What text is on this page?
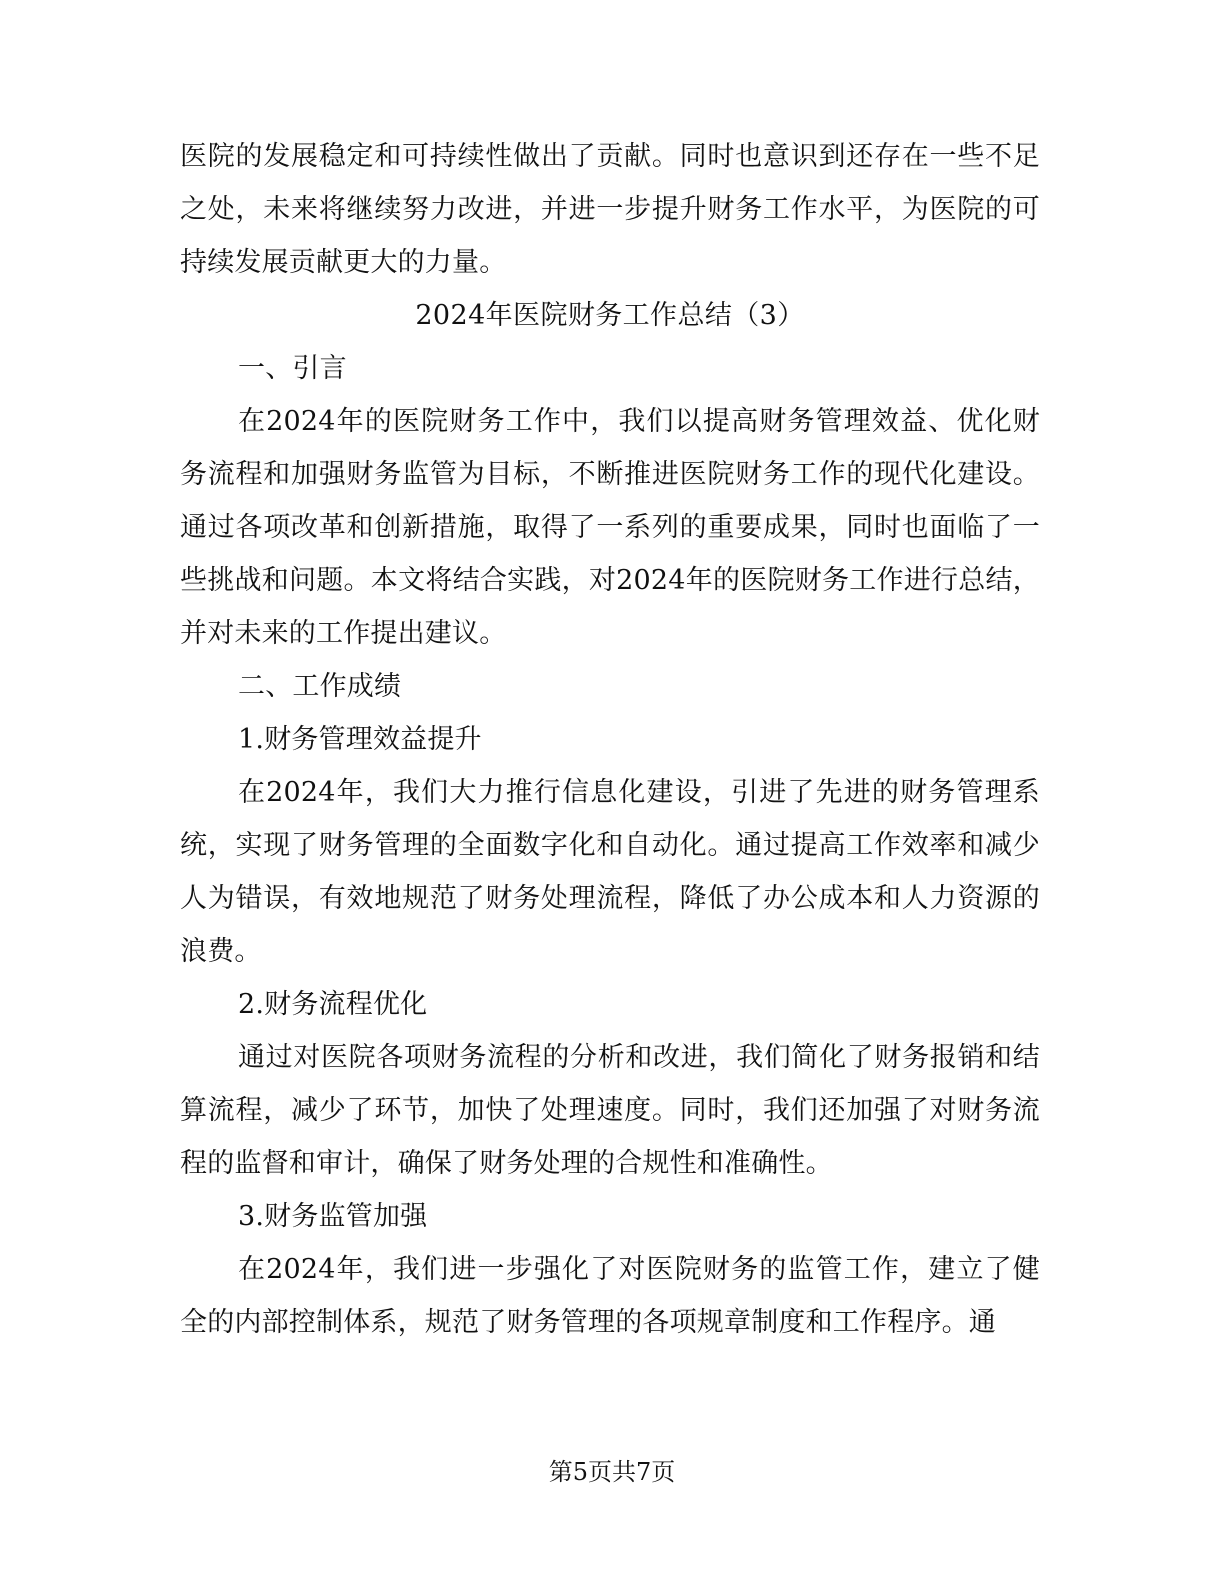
医院的发展稳定和可持续性做出了贡献。同时也意识到还存在一些不足之处，未来将继续努力改进，并进一步提升财务工作水平，为医院的可持续发展贡献更大的力量。

2024年医院财务工作总结（3）

一、引言

在2024年的医院财务工作中，我们以提高财务管理效益、优化财务流程和加强财务监管为目标，不断推进医院财务工作的现代化建设。通过各项改革和创新措施，取得了一系列的重要成果，同时也面临了一些挑战和问题。本文将结合实践，对2024年的医院财务工作进行总结，并对未来的工作提出建议。

二、工作成绩

1.财务管理效益提升

在2024年，我们大力推行信息化建设，引进了先进的财务管理系统，实现了财务管理的全面数字化和自动化。通过提高工作效率和减少人为错误，有效地规范了财务处理流程，降低了办公成本和人力资源的浪费。

2.财务流程优化

通过对医院各项财务流程的分析和改进，我们简化了财务报销和结算流程，减少了环节，加快了处理速度。同时，我们还加强了对财务流程的监督和审计，确保了财务处理的合规性和准确性。

3.财务监管加强

在2024年，我们进一步强化了对医院财务的监管工作，建立了健全的内部控制体系，规范了财务管理的各项规章制度和工作程序。通

第5页共7页
